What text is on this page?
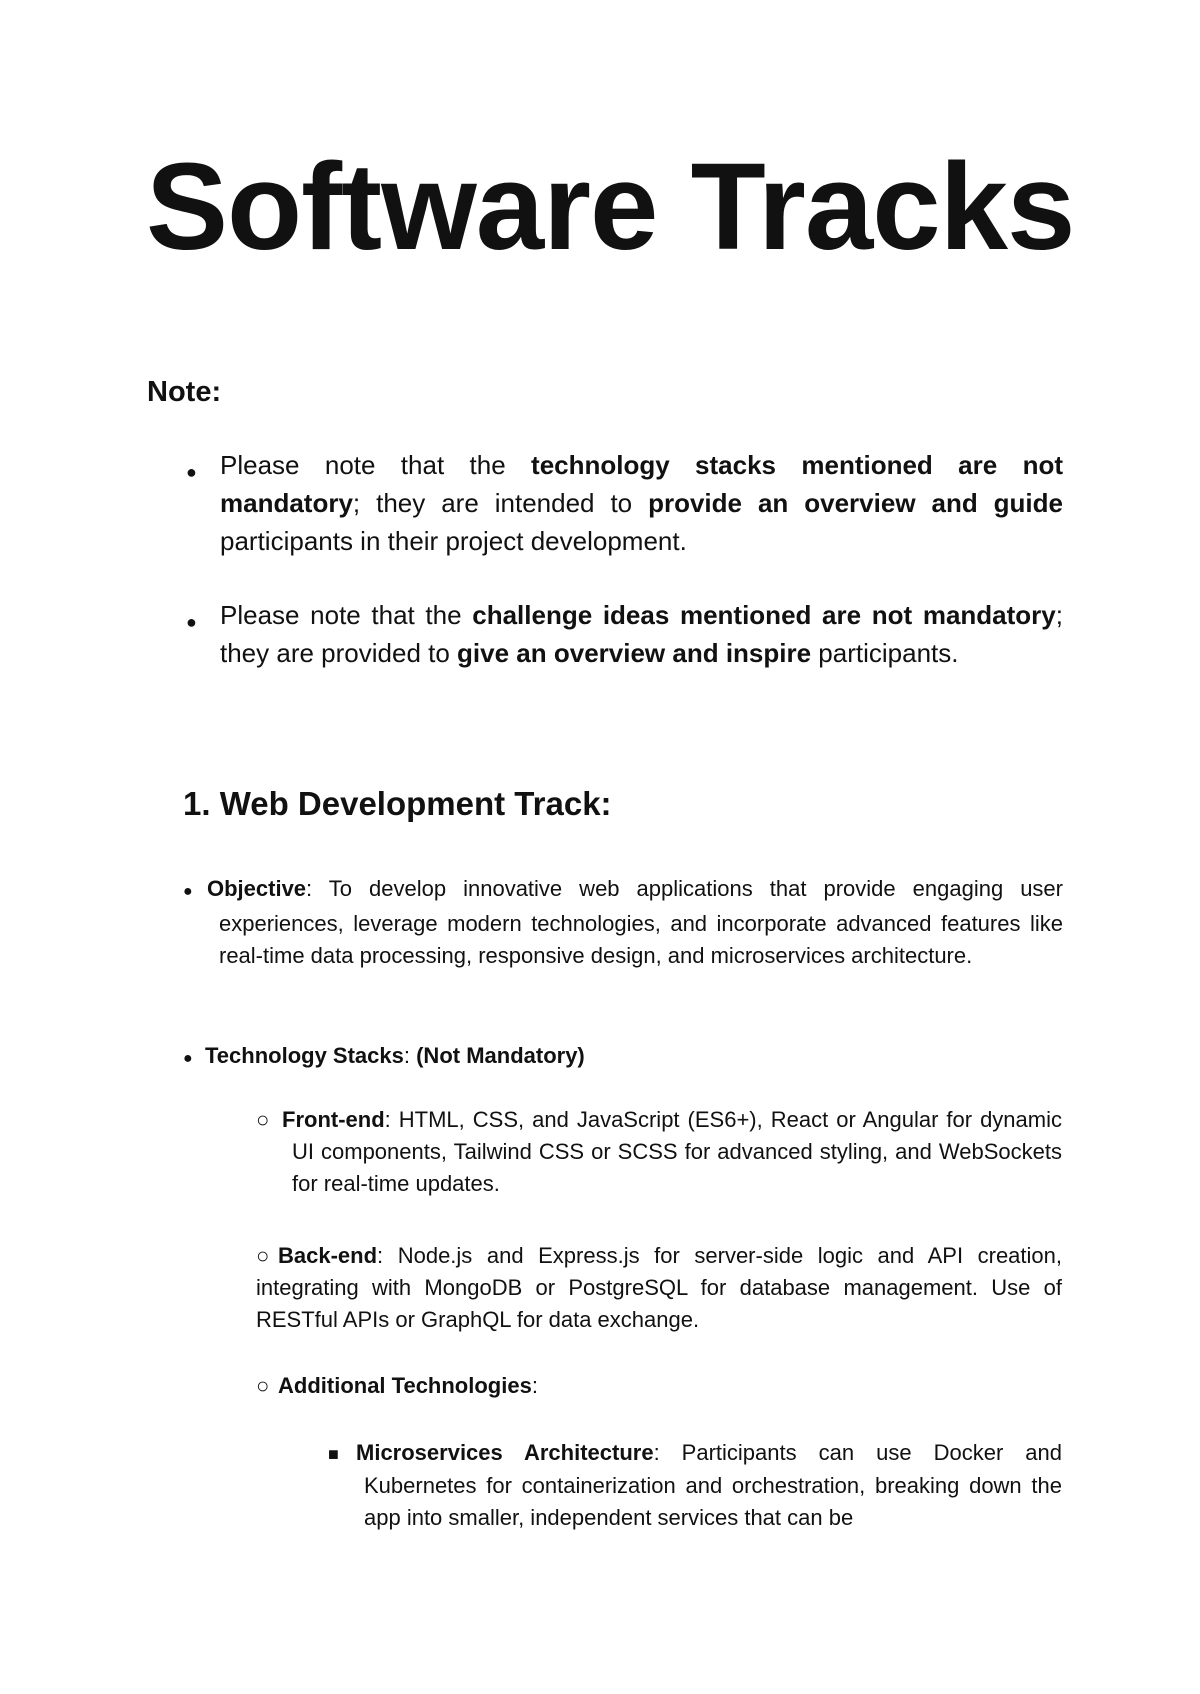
Software Tracks
Note:
● Please note that the technology stacks mentioned are not mandatory; they are intended to provide an overview and guide participants in their project development.
● Please note that the challenge ideas mentioned are not mandatory; they are provided to give an overview and inspire participants.
1. Web Development Track:
● Objective: To develop innovative web applications that provide engaging user experiences, leverage modern technologies, and incorporate advanced features like real-time data processing, responsive design, and microservices architecture.
● Technology Stacks: (Not Mandatory)
○ Front-end: HTML, CSS, and JavaScript (ES6+), React or Angular for dynamic UI components, Tailwind CSS or SCSS for advanced styling, and WebSockets for real-time updates.
○ Back-end: Node.js and Express.js for server-side logic and API creation, integrating with MongoDB or PostgreSQL for database management. Use of RESTful APIs or GraphQL for data exchange.
○ Additional Technologies:
■ Microservices Architecture: Participants can use Docker and Kubernetes for containerization and orchestration, breaking down the app into smaller, independent services that can be
